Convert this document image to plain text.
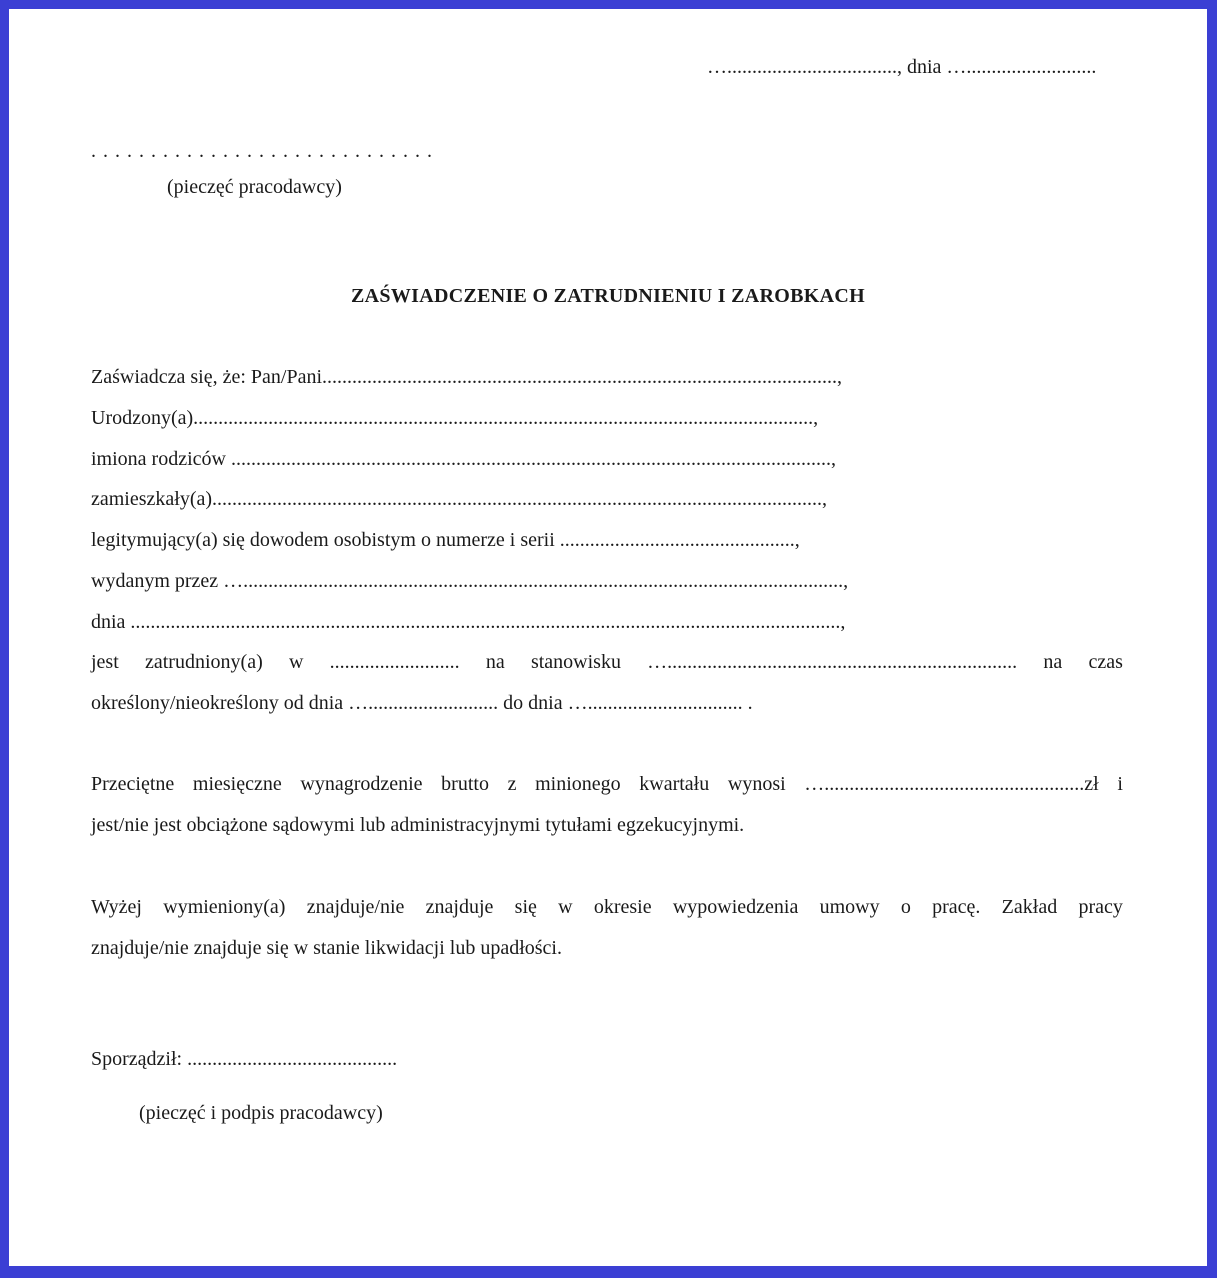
….................................., dnia …..........................
. . . . . . . . . . . . . . . . . . . . . . . . . . . . .
(pieczęć pracodawcy)
ZAŚWIADCZENIE O ZATRUDNIENIU I ZAROBKACH
Zaświadcza się, że: Pan/Pani.......................................................................................................,
Urodzony(a)............................................................................................................................,
imiona rodziców ........................................................................................................................,
zamieszkały(a)..........................................................................................................................,
legitymujący(a) się dowodem osobistym o numerze i serii ...............................................,
wydanym przez …........................................................................................................................,
dnia ..............................................................................................................................................,
jest zatrudniony(a) w .......................... na stanowisku …...................................................................... na czas
określony/nieokreślony od dnia ….......................... do dnia …............................... .
Przeciętne miesięczne wynagrodzenie brutto z minionego kwartału wynosi …....................................................zł i
jest/nie jest obciążone sądowymi lub administracyjnymi tytułami egzekucyjnymi.
Wyżej wymieniony(a) znajduje/nie znajduje się w okresie wypowiedzenia umowy o pracę. Zakład pracy
znajduje/nie znajduje się w stanie likwidacji lub upadłości.
Sporządził: ..........................................
(pieczęć i podpis pracodawcy)
